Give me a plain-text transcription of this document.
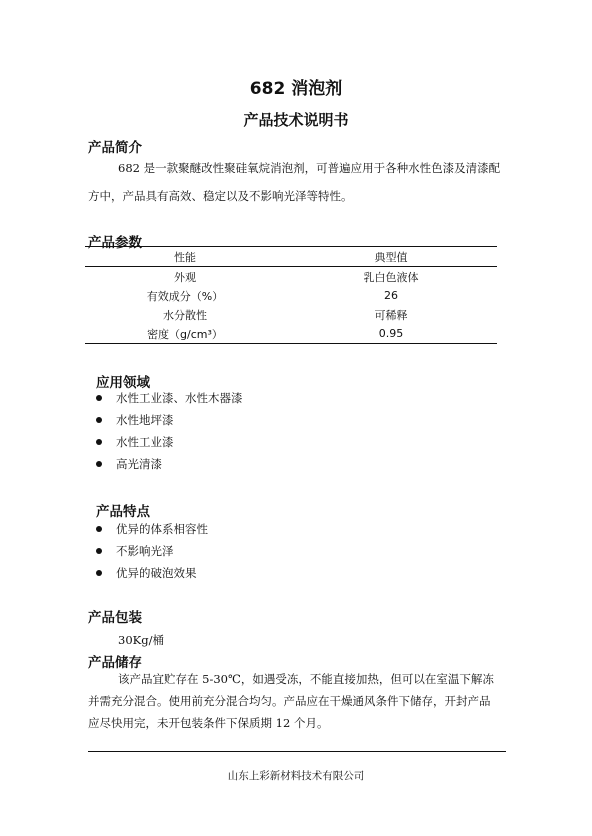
682 消泡剂
产品技术说明书
产品简介
682 是一款聚醚改性聚硅氧烷消泡剂，可普遍应用于各种水性色漆及清漆配
方中，产品具有高效、稳定以及不影响光泽等特性。
产品参数
性能	典型值
外观	乳白色液体
有效成分（%）	26
水分散性	可稀释
密度（g/cm³）	0.95
应用领域
水性工业漆、水性木器漆
水性地坪漆
水性工业漆
高光清漆
产品特点
优异的体系相容性
不影响光泽
优异的破泡效果
产品包装
30Kg/桶
产品储存
该产品宜贮存在 5-30℃，如遇受冻，不能直接加热，但可以在室温下解冻
并需充分混合。使用前充分混合均匀。产品应在干燥通风条件下储存，开封产品
应尽快用完，未开包装条件下保质期 12 个月。
山东上彩新材料技术有限公司
